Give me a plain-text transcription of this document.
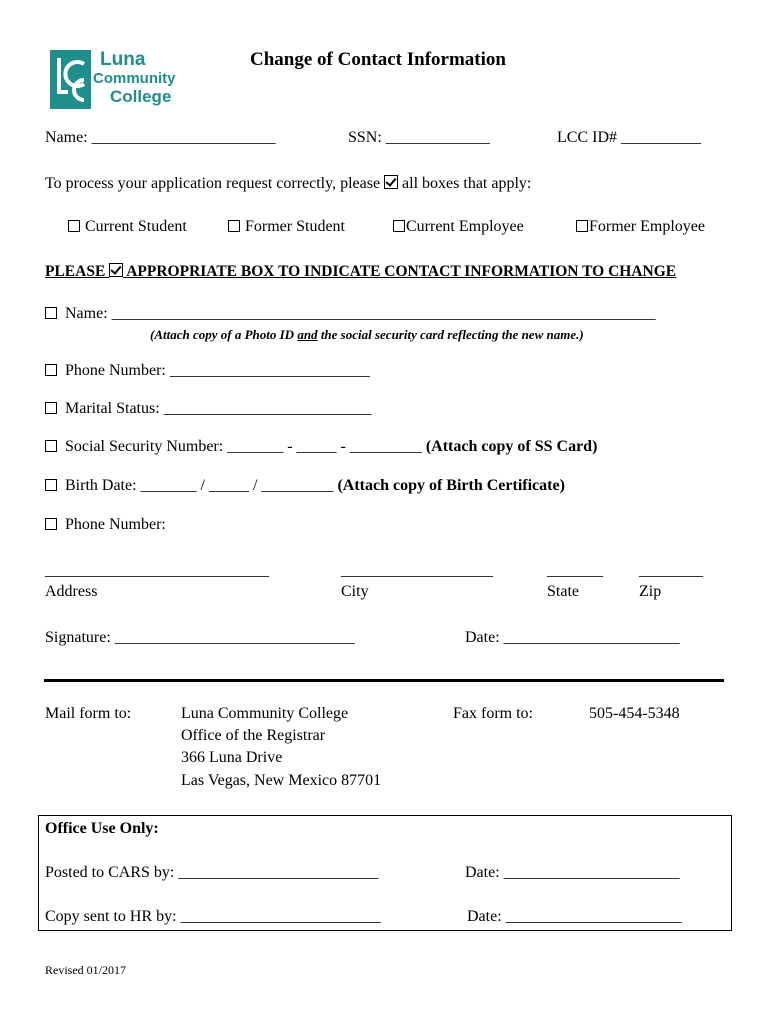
Luna
Community
College
Change of Contact Information
Name: _______________________	SSN: _____________	LCC ID# __________
To process your application request correctly, please all boxes that apply:
Current Student	Former Student	Current Employee	Former Employee
PLEASE APPROPRIATE BOX TO INDICATE CONTACT INFORMATION TO CHANGE
Name: ____________________________________________________________________
(Attach copy of a Photo ID and the social security card reflecting the new name.)
Phone Number: _________________________
Marital Status: __________________________
Social Security Number: _______ - _____ - _________ (Attach copy of SS Card)
Birth Date: _______ / _____ / _________ (Attach copy of Birth Certificate)
Phone Number:
____________________________	___________________	_______ ________
Address	City	State	Zip
Signature: ______________________________	Date: ______________________
Mail form to:	Luna Community College
Office of the Registrar
366 Luna Drive
Las Vegas, New Mexico 87701
Fax form to:	505-454-5348
Office Use Only:
Posted to CARS by: _________________________	Date: ______________________
Copy sent to HR by: _________________________	Date: ______________________
Revised 01/2017
